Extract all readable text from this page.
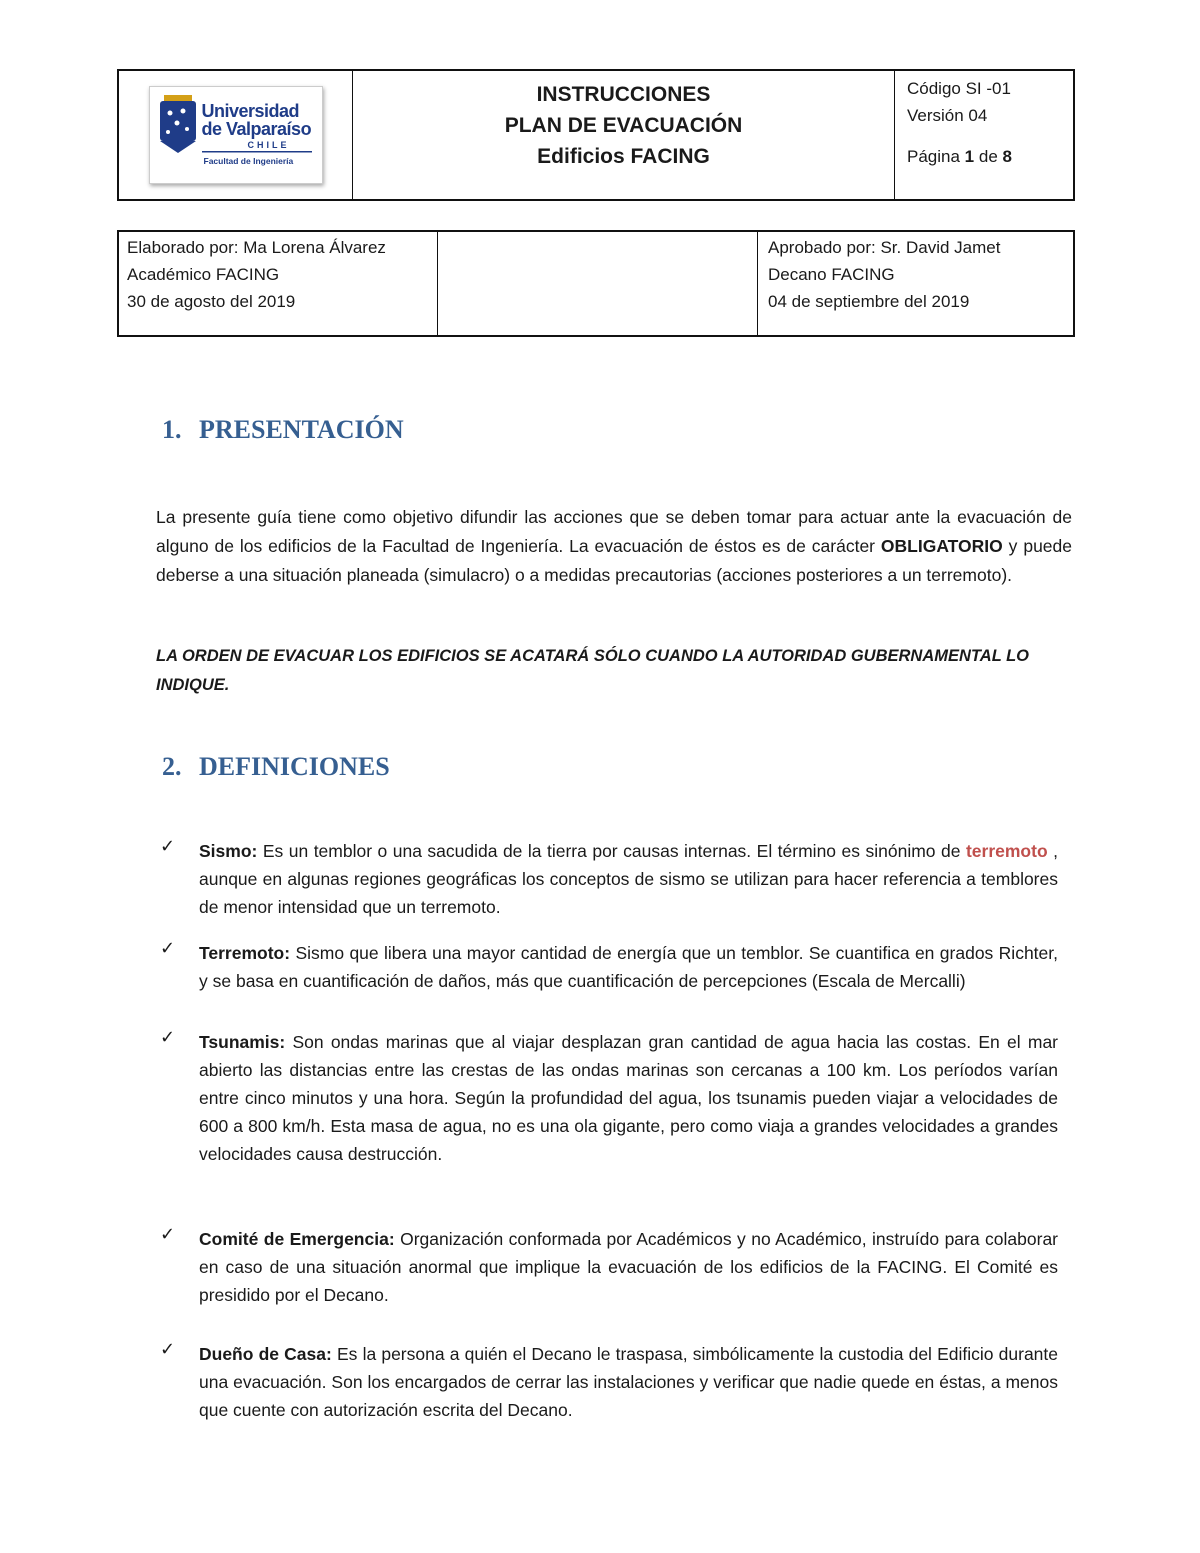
Universidad
de Valparaíso
CHILE
Facultad de Ingeniería
INSTRUCCIONES
PLAN DE EVACUACIÓN
Edificios FACING
Código SI -01
Versión 04
Página 1 de 8
Elaborado por: Ma Lorena Álvarez
Académico FACING
30 de agosto del 2019
Aprobado por: Sr. David Jamet
Decano FACING
04 de septiembre del 2019
1. PRESENTACIÓN
La presente guía tiene como objetivo difundir las acciones que se deben tomar para actuar ante la evacuación de alguno de los edificios de la Facultad de Ingeniería. La evacuación de éstos es de carácter OBLIGATORIO y puede deberse a una situación planeada (simulacro) o a medidas precautorias (acciones posteriores a un terremoto).
LA ORDEN DE EVACUAR LOS EDIFICIOS SE ACATARÁ SÓLO CUANDO LA AUTORIDAD GUBERNAMENTAL LO INDIQUE.
2. DEFINICIONES
✓ Sismo: Es un temblor o una sacudida de la tierra por causas internas. El término es sinónimo de terremoto , aunque en algunas regiones geográficas los conceptos de sismo se utilizan para hacer referencia a temblores de menor intensidad que un terremoto.
✓ Terremoto: Sismo que libera una mayor cantidad de energía que un temblor. Se cuantifica en grados Richter, y se basa en cuantificación de daños, más que cuantificación de percepciones (Escala de Mercalli)
✓ Tsunamis: Son ondas marinas que al viajar desplazan gran cantidad de agua hacia las costas. En el mar abierto las distancias entre las crestas de las ondas marinas son cercanas a 100 km. Los períodos varían entre cinco minutos y una hora. Según la profundidad del agua, los tsunamis pueden viajar a velocidades de 600 a 800 km/h. Esta masa de agua, no es una ola gigante, pero como viaja a grandes velocidades a grandes velocidades causa destrucción.
✓ Comité de Emergencia: Organización conformada por Académicos y no Académico, instruído para colaborar en caso de una situación anormal que implique la evacuación de los edificios de la FACING. El Comité es presidido por el Decano.
✓ Dueño de Casa: Es la persona a quién el Decano le traspasa, simbólicamente la custodia del Edificio durante una evacuación. Son los encargados de cerrar las instalaciones y verificar que nadie quede en éstas, a menos que cuente con autorización escrita del Decano.
